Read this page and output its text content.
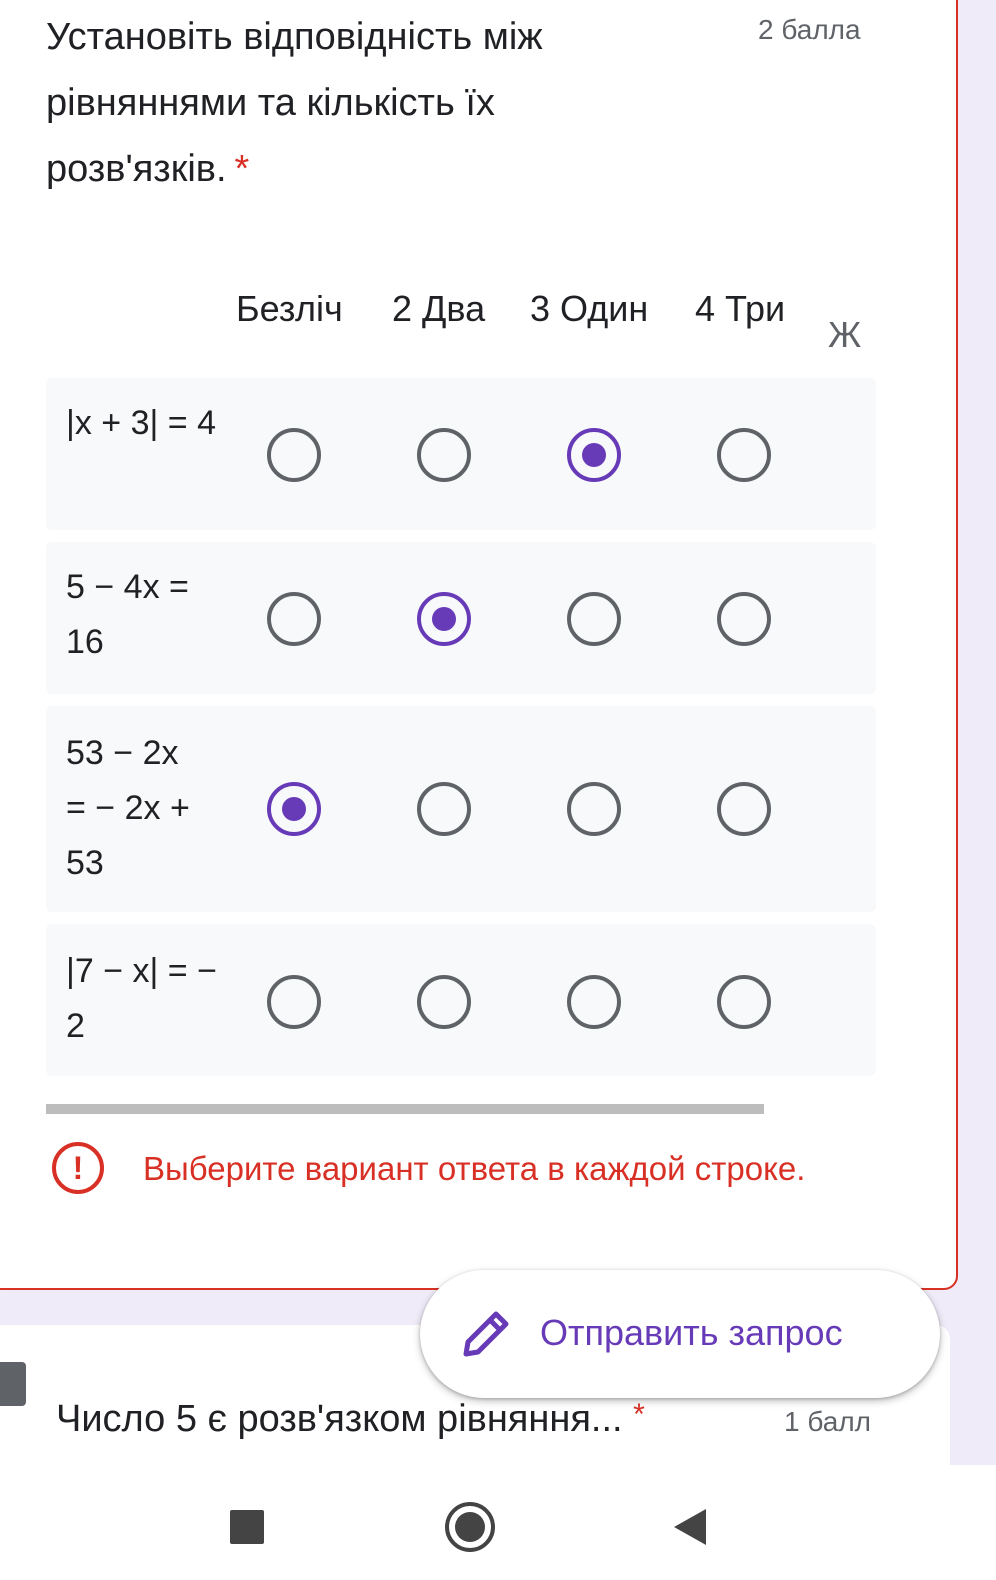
Установіть відповідність між рівняннями та кількість їх розв'язків. *
2 балла
Безліч 2 Два 3 Один 4 Три
Ж
|x + 3| = 4
5 − 4x = 16
53 − 2x = − 2x + 53
|7 − x| = − 2
!	Выберите вариант ответа в каждой строке.
Число 5 є розв'язком рівняння... *	1 балл
Отправить запрос
